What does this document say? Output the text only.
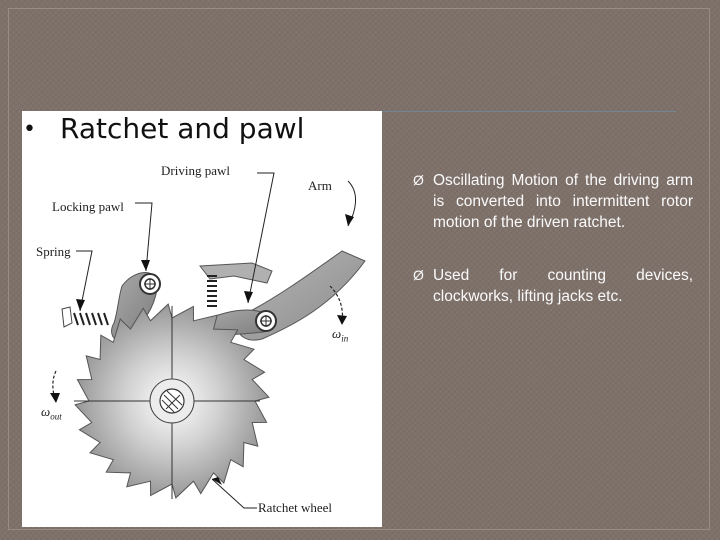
Driving pawl
Arm
Locking pawl
Spring
$\omega_{in}$
$\omega_{out}$
Ratchet wheel
• Ratchet and pawl
Ø Oscillating Motion of the driving arm is converted into intermittent rotor motion of the driven ratchet.
Ø Used for counting devices, clockworks, lifting jacks etc.
